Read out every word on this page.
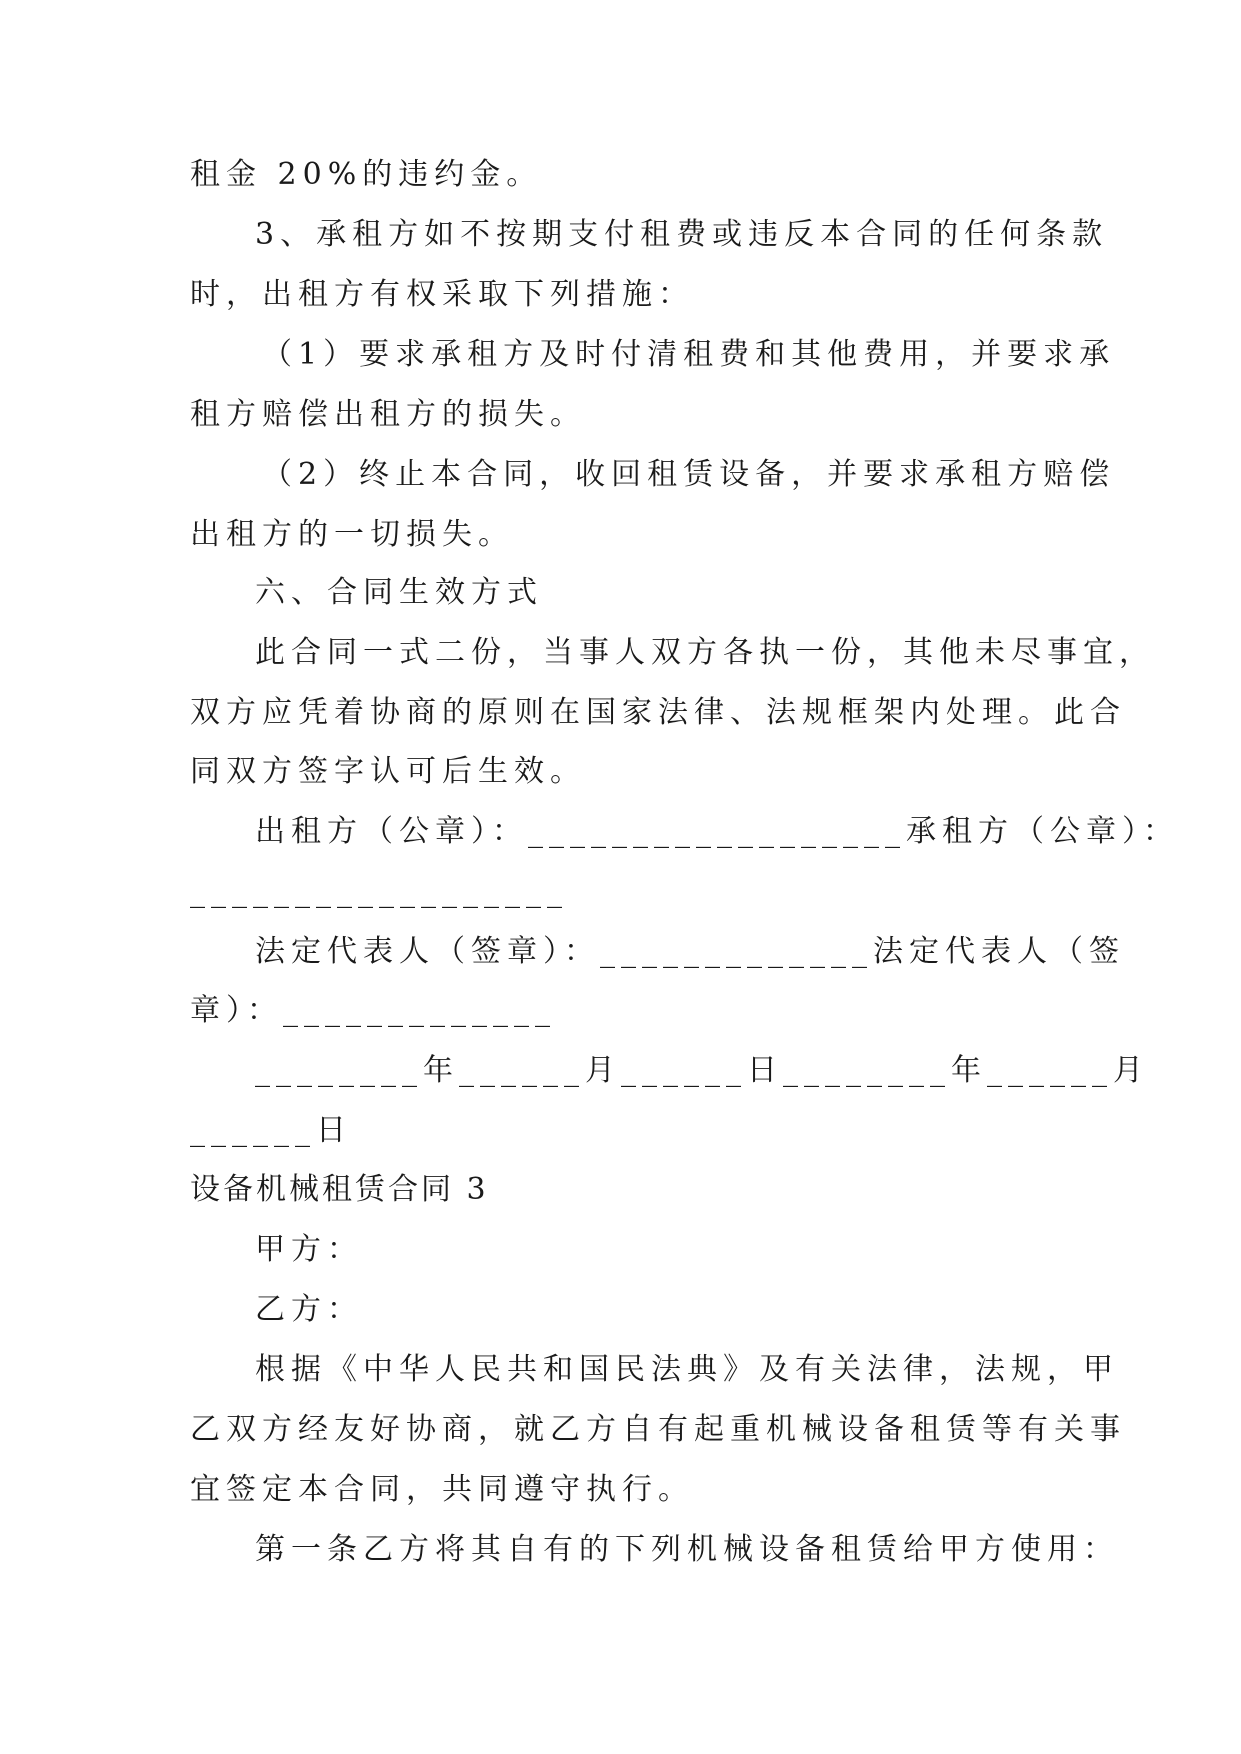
租金 20%的违约金。
3、承租方如不按期支付租费或违反本合同的任何条款
时，出租方有权采取下列措施：
（1）要求承租方及时付清租费和其他费用，并要求承
租方赔偿出租方的损失。
（2）终止本合同，收回租赁设备，并要求承租方赔偿
出租方的一切损失。
六、合同生效方式
此合同一式二份，当事人双方各执一份，其他未尽事宜，
双方应凭着协商的原则在国家法律、法规框架内处理。此合
同双方签字认可后生效。
出租方（公章）：__________________承租方（公章）：
__________________
法定代表人（签章）：_____________法定代表人（签
章）：_____________
________年______月______日________年______月
______日
设备机械租赁合同 3
甲方：
乙方：
根据《中华人民共和国民法典》及有关法律，法规，甲
乙双方经友好协商，就乙方自有起重机械设备租赁等有关事
宜签定本合同，共同遵守执行。
第一条乙方将其自有的下列机械设备租赁给甲方使用：
